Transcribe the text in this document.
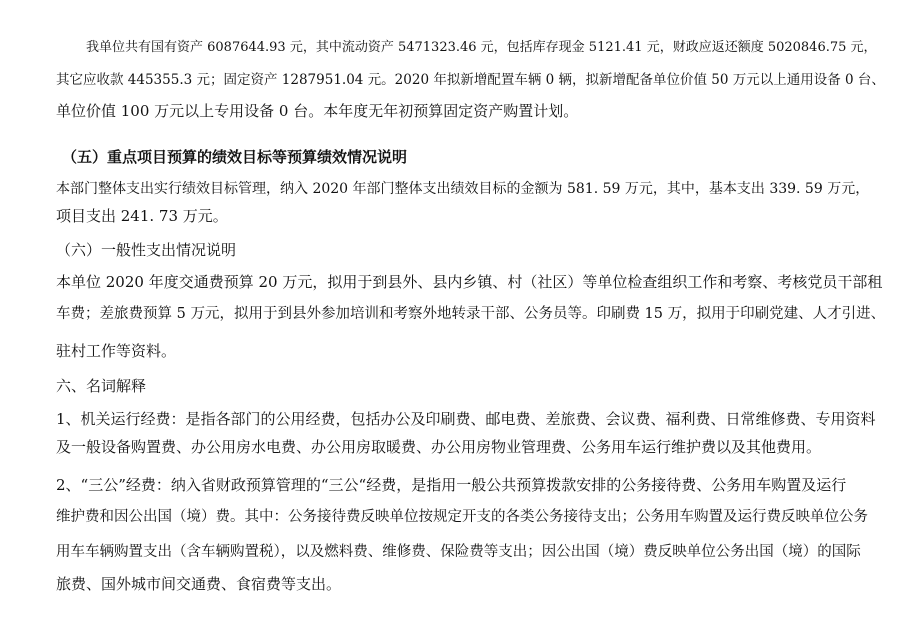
我单位共有国有资产 6087644.93 元，其中流动资产 5471323.46 元，包括库存现金 5121.41 元，财政应返还额度 5020846.75 元，
其它应收款 445355.3 元；固定资产 1287951.04 元。2020 年拟新增配置车辆 0 辆，拟新增配备单位价值 50 万元以上通用设备 0 台、
单位价值 100 万元以上专用设备 0 台。本年度无年初预算固定资产购置计划。
（五）重点项目预算的绩效目标等预算绩效情况说明
本部门整体支出实行绩效目标管理，纳入 2020 年部门整体支出绩效目标的金额为 581. 59 万元，其中，基本支出 339. 59 万元，
项目支出 241. 73 万元。
（六）一般性支出情况说明
本单位 2020 年度交通费预算 20 万元，拟用于到县外、县内乡镇、村（社区）等单位检查组织工作和考察、考核党员干部租
车费；差旅费预算 5 万元，拟用于到县外参加培训和考察外地转录干部、公务员等。印刷费 15 万，拟用于印刷党建、人才引进、
驻村工作等资料。
六、名词解释
1、机关运行经费：是指各部门的公用经费，包括办公及印刷费、邮电费、差旅费、会议费、福利费、日常维修费、专用资料
及一般设备购置费、办公用房水电费、办公用房取暖费、办公用房物业管理费、公务用车运行维护费以及其他费用。
2、“三公”经费：纳入省财政预算管理的“三公“经费，是指用一般公共预算拨款安排的公务接待费、公务用车购置及运行
维护费和因公出国（境）费。其中：公务接待费反映单位按规定开支的各类公务接待支出；公务用车购置及运行费反映单位公务
用车车辆购置支出（含车辆购置税），以及燃料费、维修费、保险费等支出；因公出国（境）费反映单位公务出国（境）的国际
旅费、国外城市间交通费、食宿费等支出。
